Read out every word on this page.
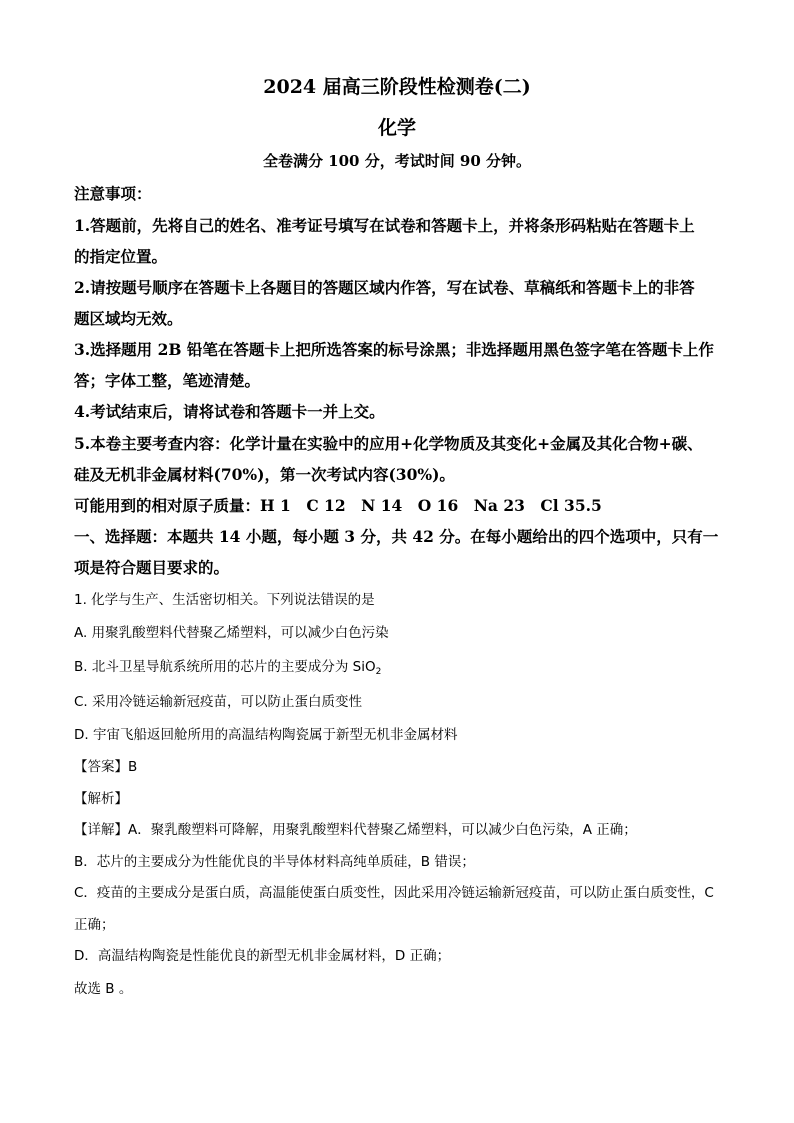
2024 届高三阶段性检测卷(二)
化学
全卷满分 100 分，考试时间 90 分钟。
注意事项：
1.答题前，先将自己的姓名、准考证号填写在试卷和答题卡上，并将条形码粘贴在答题卡上
的指定位置。
2.请按题号顺序在答题卡上各题目的答题区域内作答，写在试卷、草稿纸和答题卡上的非答
题区域均无效。
3.选择题用 2B 铅笔在答题卡上把所选答案的标号涂黑；非选择题用黑色签字笔在答题卡上作
答；字体工整，笔迹清楚。
4.考试结束后，请将试卷和答题卡一并上交。
5.本卷主要考查内容：化学计量在实验中的应用+化学物质及其变化+金属及其化合物+碳、
硅及无机非金属材料(70%)，第一次考试内容(30%)。
可能用到的相对原子质量：H 1　C 12　N 14　O 16　Na 23　Cl 35.5
一、选择题：本题共 14 小题，每小题 3 分，共 42 分。在每小题给出的四个选项中，只有一
项是符合题目要求的。
1. 化学与生产、生活密切相关。下列说法错误的是
A. 用聚乳酸塑料代替聚乙烯塑料，可以减少白色污染
B. 北斗卫星导航系统所用的芯片的主要成分为 SiO$_2$
C. 采用冷链运输新冠疫苗，可以防止蛋白质变性
D. 宇宙飞船返回舱所用的高温结构陶瓷属于新型无机非金属材料
【答案】B
【解析】
【详解】A．聚乳酸塑料可降解，用聚乳酸塑料代替聚乙烯塑料，可以减少白色污染，A 正确；
B．芯片的主要成分为性能优良的半导体材料高纯单质硅，B 错误；
C．疫苗的主要成分是蛋白质，高温能使蛋白质变性，因此采用冷链运输新冠疫苗，可以防止蛋白质变性，C
正确；
D．高温结构陶瓷是性能优良的新型无机非金属材料，D 正确；
故选 B 。
